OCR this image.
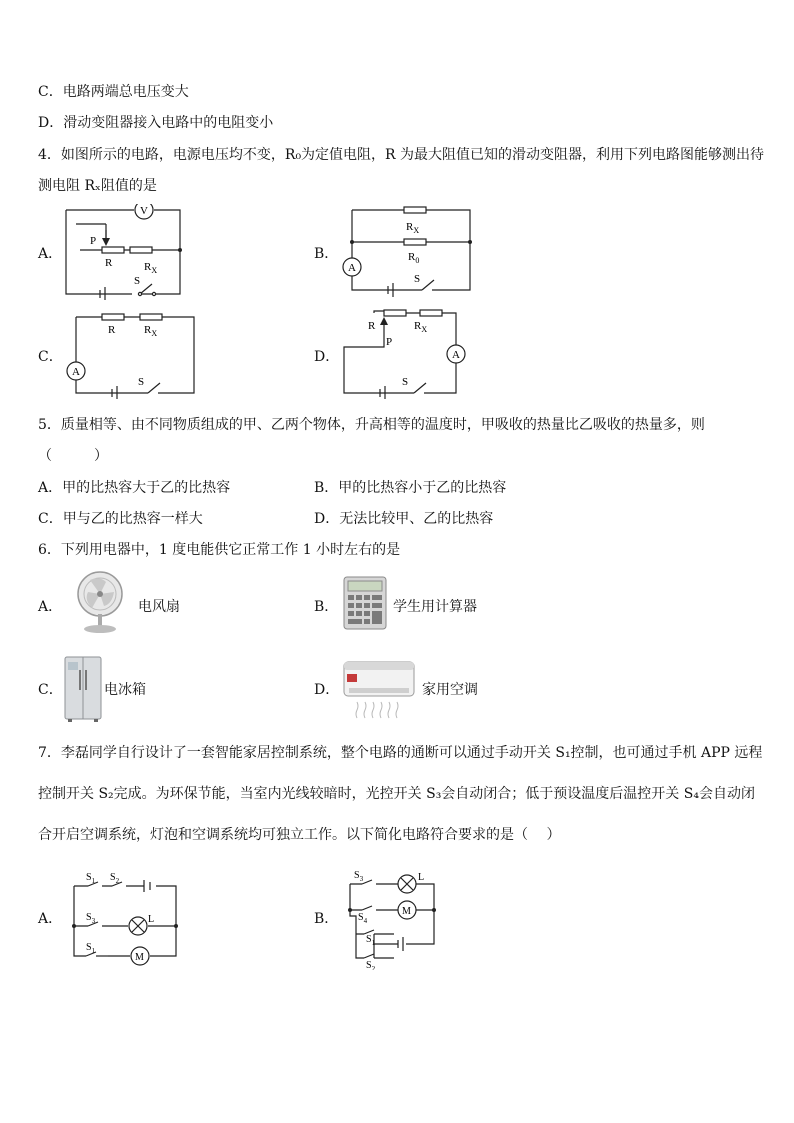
C．电路两端总电压变大
D．滑动变阻器接入电路中的电阻变小
4．如图所示的电路，电源电压均不变，R₀为定值电阻，R 为最大阻值已知的滑动变阻器，利用下列电路图能够测出待
测电阻 Rₓ阻值的是
A．	B．
C．	D．
V
P
R	$R_X$
S
A
$R_X$
$R_0$
S
A
R	$R_X$
S
A
R	$R_X$
P
S
5．质量相等、由不同物质组成的甲、乙两个物体，升高相等的温度时，甲吸收的热量比乙吸收的热量多，则
（　　　）
A．甲的比热容大于乙的比热容	B．甲的比热容小于乙的比热容
C．甲与乙的比热容一样大	D．无法比较甲、乙的比热容
6．下列用电器中，1 度电能供它正常工作 1 小时左右的是
A．	电风扇	B．	学生用计算器
C．	电冰箱	D．	家用空调
7．李磊同学自行设计了一套智能家居控制系统，整个电路的通断可以通过手动开关 S₁控制，也可通过手机 APP 远程
控制开关 S₂完成。为环保节能，当室内光线较暗时，光控开关 S₃会自动闭合；低于预设温度后温控开关 S₄会自动闭
合开启空调系统，灯泡和空调系统均可独立工作。以下简化电路符合要求的是（　 ）
A．	B．
$S_1$ $S_2$
$S_3$	L
$S_1$
M
$S_3$	L
$S_4$
M
$S_1$
$S_2$
